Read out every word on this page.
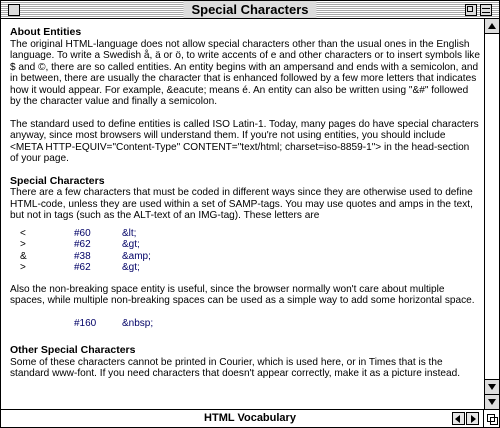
Special Characters
About Entities

The original HTML-language does not allow special characters other than the usual ones in the English language. To write a Swedish å, ä or ö, to write accents of e and other characters or to insert symbols like $ and ©, there are so called entities. An entity begins with an ampersand and ends with a semicolon, and in between, there are usually the character that is enhanced followed by a few more letters that indicates how it would appear. For example, &eacute; means é. An entity can also be written using "&#" followed by the character value and finally a semicolon.

The standard used to define entities is called ISO Latin-1. Today, many pages do have special characters anyway, since most browsers will understand them. If you're not using entities, you should include <META HTTP-EQUIV="Content-Type" CONTENT="text/html; charset=iso-8859-1"> in the head-section of your page.

Special Characters

There are a few characters that must be coded in different ways since they are otherwise used to define HTML-code, unless they are used within a set of SAMP-tags. You may use quotes and amps in the text, but not in tags (such as the ALT-text of an IMG-tag). These letters are

<	#60	&lt;
>	#62	&gt;
&	#38	&amp;
>	#62	&gt;

Also the non-breaking space entity is useful, since the browser normally won't care about multiple spaces, while multiple non-breaking spaces can be used as a simple way to add some horizontal space.

#160	&nbsp;
Other Special Characters

Some of these characters cannot be printed in Courier, which is used here, or in Times that is the standard www-font. If you need characters that doesn't appear correctly, make it as a picture instead.

HTML Vocabulary
